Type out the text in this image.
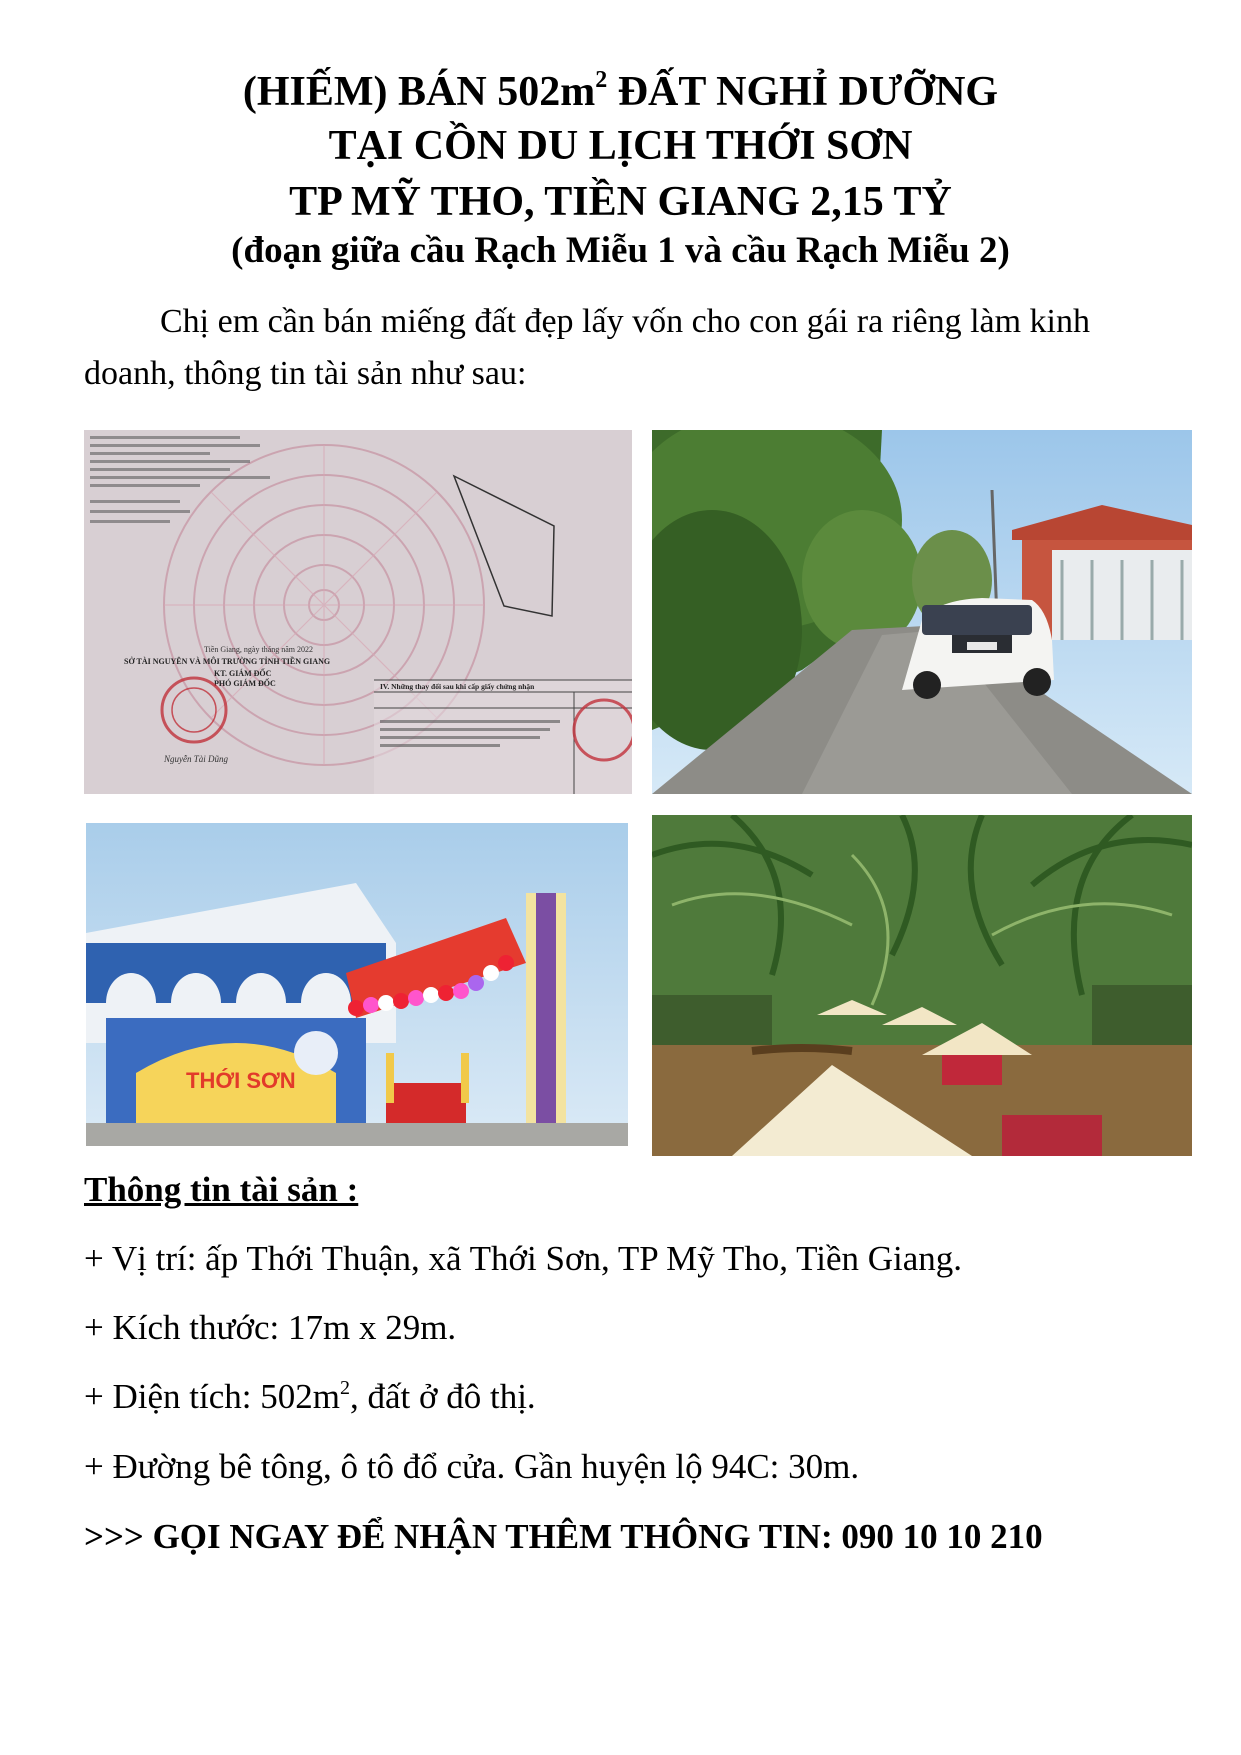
(HIẾM) BÁN $502m^2$ ĐẤT NGHỈ DƯỠNG
TẠI CỒN DU LỊCH THỚI SƠN
TP MỸ THO, TIỀN GIANG 2,15 TỶ
(đoạn giữa cầu Rạch Miễu 1 và cầu Rạch Miễu 2)

Chị em cần bán miếng đất đẹp lấy vốn cho con gái ra riêng làm kinh doanh, thông tin tài sản như sau:

Tiền Giang, ngày tháng năm 2022
SỞ TÀI NGUYÊN VÀ MÔI TRƯỜNG TỈNH TIỀN GIANG
KT. GIÁM ĐỐC
PHÓ GIÁM ĐỐC
Nguyễn Tài Dũng
IV. Những thay đổi sau khi cấp giấy chứng nhận
THỚI SƠN
Thông tin tài sản :

+ Vị trí: ấp Thới Thuận, xã Thới Sơn, TP Mỹ Tho, Tiền Giang.

+ Kích thước: 17m x 29m.

+ Diện tích: $502m^2$, đất ở đô thị.

+ Đường bê tông, ô tô đổ cửa. Gần huyện lộ 94C: 30m.

>>> GỌI NGAY ĐỂ NHẬN THÊM THÔNG TIN: 090 10 10 210
